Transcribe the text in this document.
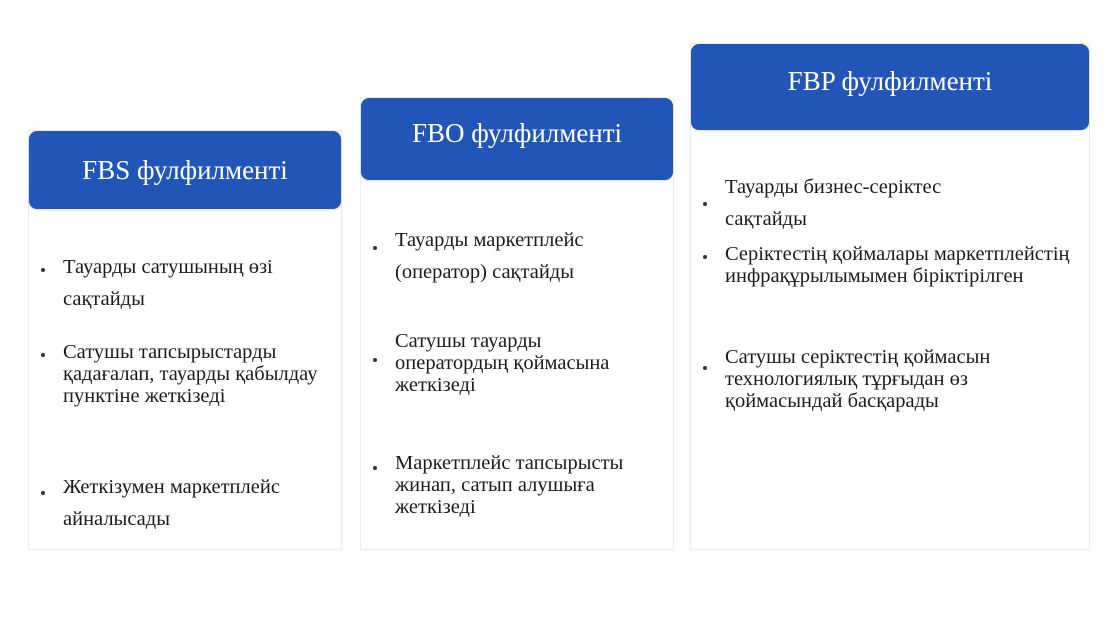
FBS фулфилменті
Тауарды сатушының өзі сақтайды
Сатушы тапсырыстарды қадағалап, тауарды қабылдау пунктіне жеткізеді
Жеткізумен маркетплейс айналысады
FBO фулфилменті
Тауарды маркетплейс (оператор) сақтайды
Сатушы тауарды оператордың қоймасына жеткізеді
Маркетплейс тапсырысты жинап, сатып алушыға жеткізеді
FBP фулфилменті
Тауарды бизнес-серіктес сақтайды
Серіктестің қоймалары маркетплейстің инфрақұрылымымен біріктірілген
Сатушы серіктестің қоймасын технологиялық тұрғыдан өз қоймасындай басқарады
